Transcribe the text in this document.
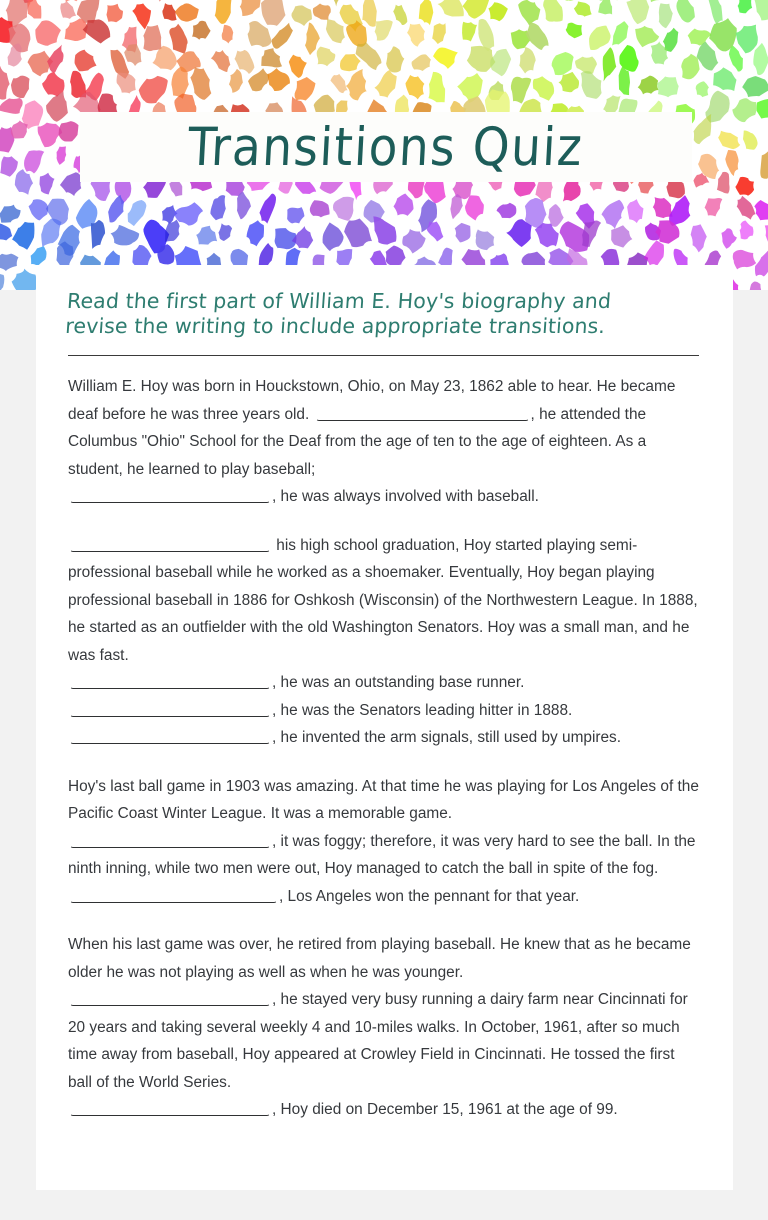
Transitions Quiz

Read the first part of William E. Hoy's biography and revise the writing to include appropriate transitions.

William E. Hoy was born in Houckstown, Ohio, on May 23, 1862 able to hear. He became deaf before he was three years old.	, he attended the Columbus "Ohio" School for the Deaf from the age of ten to the age of eighteen. As a student, he learned to play baseball;
, he was always involved with baseball.

his high school graduation, Hoy started playing semi-professional baseball while he worked as a shoemaker. Eventually, Hoy began playing professional baseball in 1886 for Oshkosh (Wisconsin) of the Northwestern League. In 1888, he started as an outfielder with the old Washington Senators. Hoy was a small man, and he was fast.
, he was an outstanding base runner.
, he was the Senators leading hitter in 1888.
, he invented the arm signals, still used by umpires.

Hoy's last ball game in 1903 was amazing. At that time he was playing for Los Angeles of the Pacific Coast Winter League. It was a memorable game.
, it was foggy; therefore, it was very hard to see the ball. In the ninth inning, while two men were out, Hoy managed to catch the ball in spite of the fog. , Los Angeles won the pennant for that year.

When his last game was over, he retired from playing baseball. He knew that as he became older he was not playing as well as when he was younger.
, he stayed very busy running a dairy farm near Cincinnati for 20 years and taking several weekly 4 and 10-miles walks. In October, 1961, after so much time away from baseball, Hoy appeared at Crowley Field in Cincinnati. He tossed the first ball of the World Series.
, Hoy died on December 15, 1961 at the age of 99.
